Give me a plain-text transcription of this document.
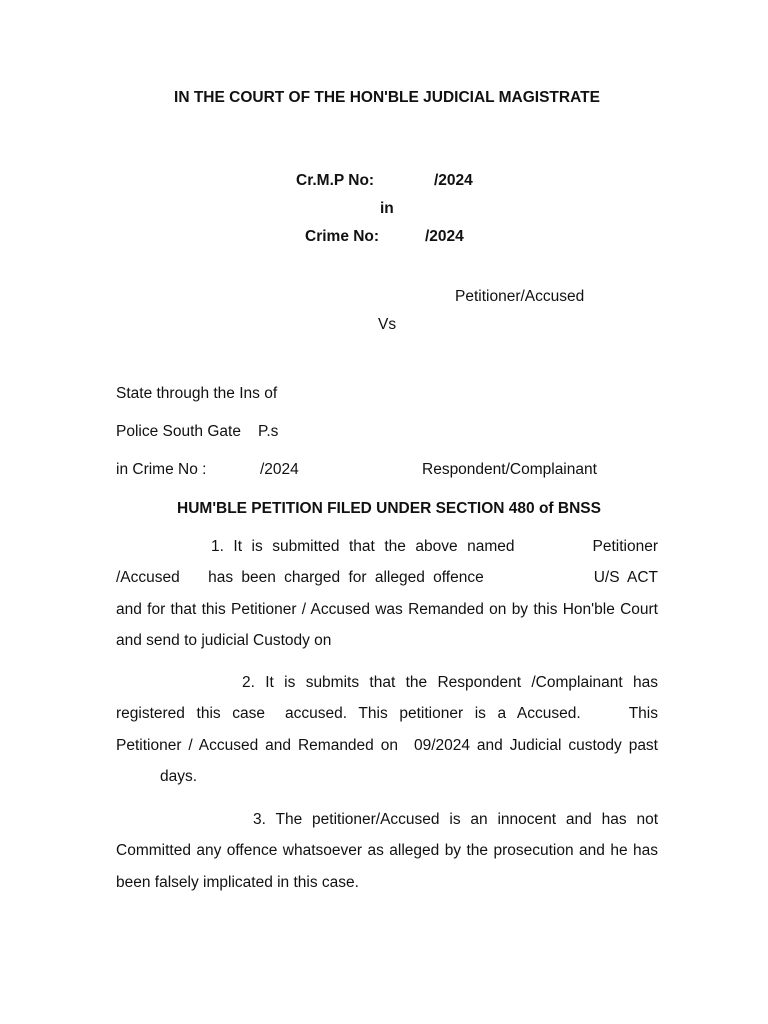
IN THE COURT OF THE HON'BLE JUDICIAL MAGISTRATE
Cr.M.P No:	/2024
in
Crime No:	/2024
Petitioner/Accused
Vs
State through the Ins of
Police South Gate P.s
in Crime No :	/2024	Respondent/Complainant
HUM'BLE PETITION FILED UNDER SECTION 480 of BNSS
1. It is submitted that the above named	Petitioner /Accused has been charged for alleged offence	U/S ACT and for that this Petitioner / Accused was Remanded on by this Hon'ble Court and send to judicial Custody on
2. It is submits that the Respondent /Complainant has registered this case accused. This petitioner is a Accused.	This Petitioner / Accused and Remanded on 09/2024 and Judicial custody pastdays.
3. The petitioner/Accused is an innocent and has not Committed any offence whatsoever as alleged by the prosecution and he has been falsely implicated in this case.
